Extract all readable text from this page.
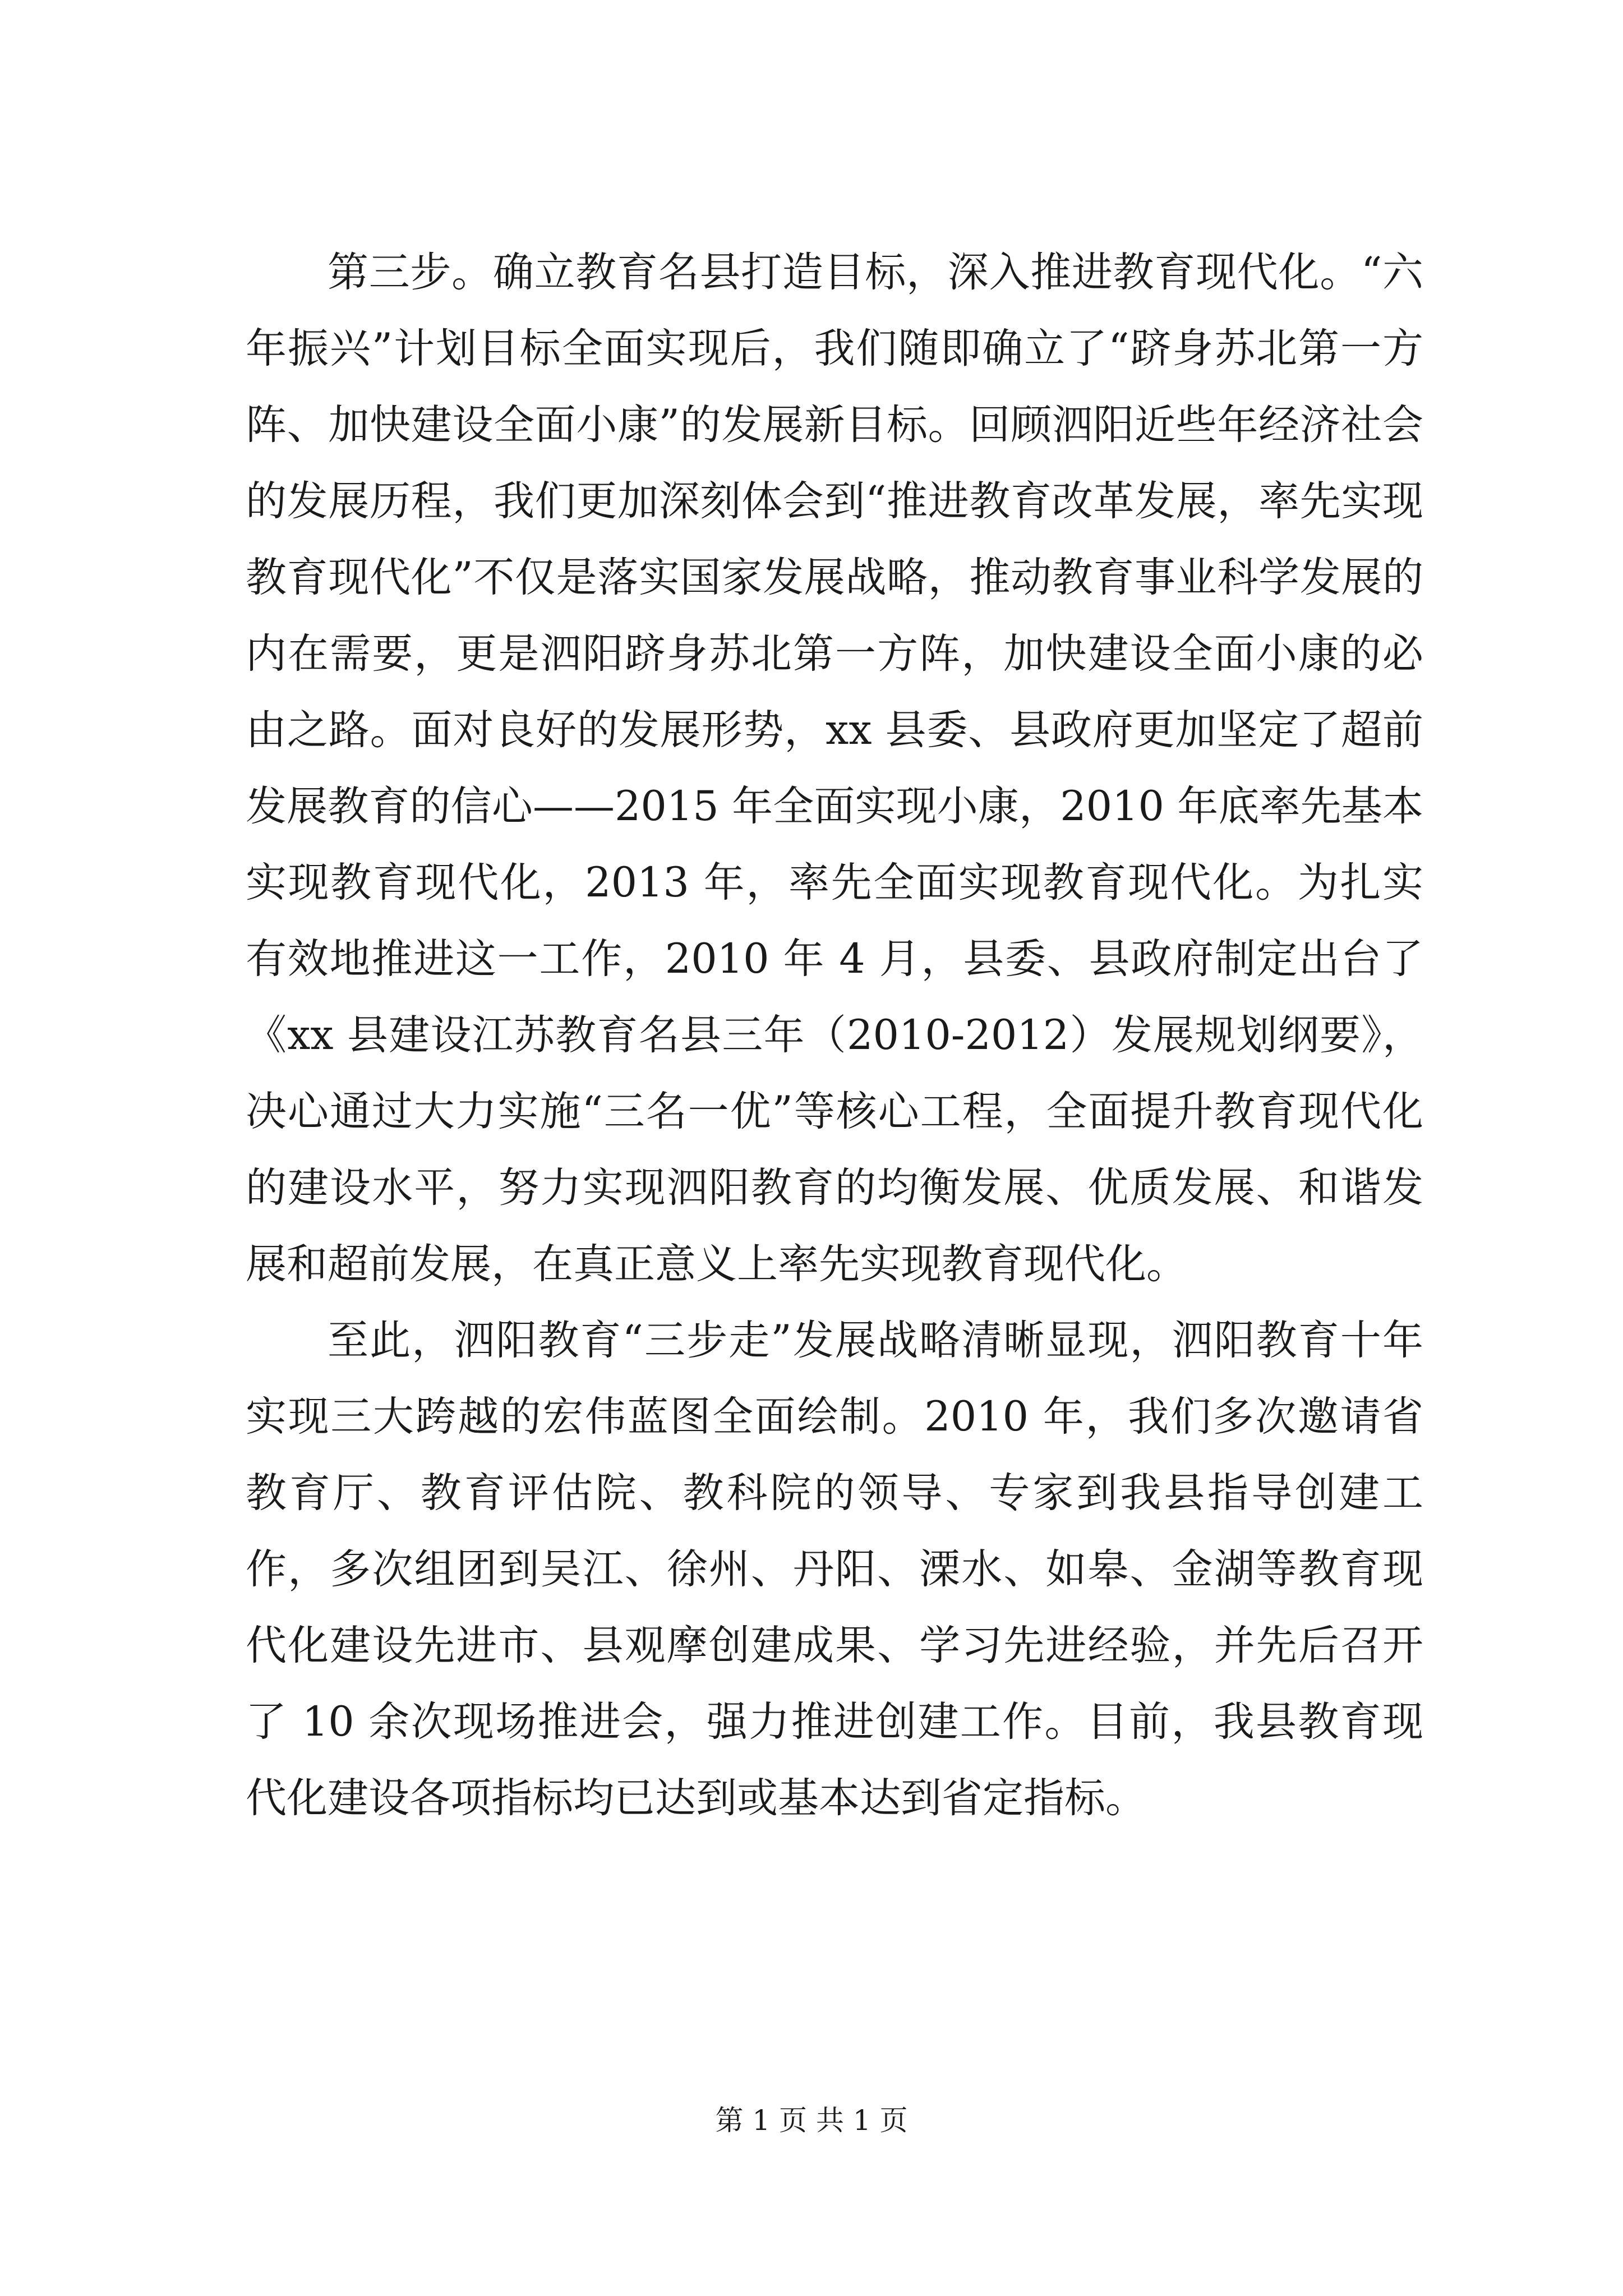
第三步。确立教育名县打造目标，深入推进教育现代化。“六年振兴”计划目标全面实现后，我们随即确立了“跻身苏北第一方阵、加快建设全面小康”的发展新目标。回顾泗阳近些年经济社会的发展历程，我们更加深刻体会到“推进教育改革发展，率先实现教育现代化”不仅是落实国家发展战略，推动教育事业科学发展的内在需要，更是泗阳跻身苏北第一方阵，加快建设全面小康的必由之路。面对良好的发展形势，xx 县委、县政府更加坚定了超前发展教育的信心——2015 年全面实现小康，2010 年底率先基本实现教育现代化，2013 年，率先全面实现教育现代化。为扎实有效地推进这一工作，2010 年 4 月，县委、县政府制定出台了《xx 县建设江苏教育名县三年（2010-2012）发展规划纲要》，决心通过大力实施“三名一优”等核心工程，全面提升教育现代化的建设水平，努力实现泗阳教育的均衡发展、优质发展、和谐发展和超前发展，在真正意义上率先实现教育现代化。

至此，泗阳教育“三步走”发展战略清晰显现，泗阳教育十年实现三大跨越的宏伟蓝图全面绘制。2010 年，我们多次邀请省教育厅、教育评估院、教科院的领导、专家到我县指导创建工作，多次组团到吴江、徐州、丹阳、溧水、如皋、金湖等教育现代化建设先进市、县观摩创建成果、学习先进经验，并先后召开了 10 余次现场推进会，强力推进创建工作。目前，我县教育现代化建设各项指标均已达到或基本达到省定指标。

第 1 页 共 1 页
